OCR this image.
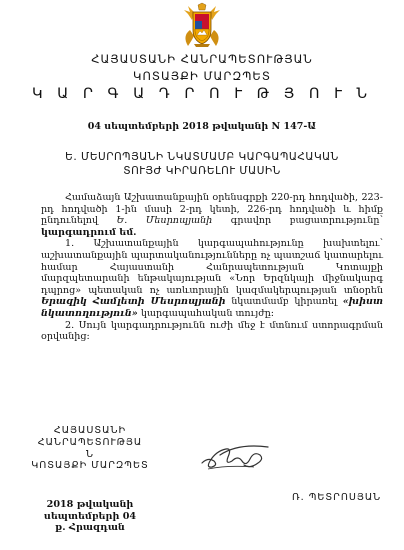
ՀԱՅԱՍՏԱՆԻ ՀԱՆՐԱՊԵՏՈՒԹՅԱՆ
ԿՈՏԱՅՔԻ ՄԱՐԶՊԵՏ
Կ Ա Ր Գ Ա Դ Ր Ո Ւ Թ Յ Ո Ւ Ն
04 սեպտեմբերի 2018 թվականի N 147-Ա
Ե. ՄԵՍՐՈՊՅԱՆԻ ՆԿԱՏՄԱՄԲ ԿԱՐԳԱՊԱՀԱԿԱՆ
ՏՈՒՅԺ ԿԻՐԱՌԵԼՈՒ ՄԱՍԻՆ

Համաձայն Աշխատանքային օրենսգրքի 220-րդ հոդվածի, 223-րդ հոդվածի 1-ին մասի 2-րդ կետի, 226-րդ հոդվածի և հիմք ընդունելով Ե. Մեսրոպյանի գրավոր բացատրությունը՝ կարգադրում եմ.

1. Աշխատանքային կարգապահությունը խախտելու՝ աշխատանքային պարտականությունները ոչ պատշաճ կատարելու համար Հայաստանի Հանրապետության Կոտայքի մարզպետարանի ենթակայության «Նոր Երզնկայի միջնակարգ դպրոց» պետական ոչ առևտրային կազմակերպության տնօրեն Երազիկ Համլետի Մեսրոպյանի նկատմամբ կիրառել «խիստ նկատողություն» կարգապահական տույժը:

2. Սույն կարգադրությունն ուժի մեջ է մտնում ստորագրման օրվանից:

ՀԱՅԱՍՏԱՆԻ
ՀԱՆՐԱՊԵՏՈՒԹՅԱ
Ն
ԿՈՏԱՅՔԻ ՄԱՐԶՊԵՏ
Ռ. ՊԵՏՐՈՍՅԱՆ
2018 թվականի
սեպտեմբերի 04
ք. Հրազդան
